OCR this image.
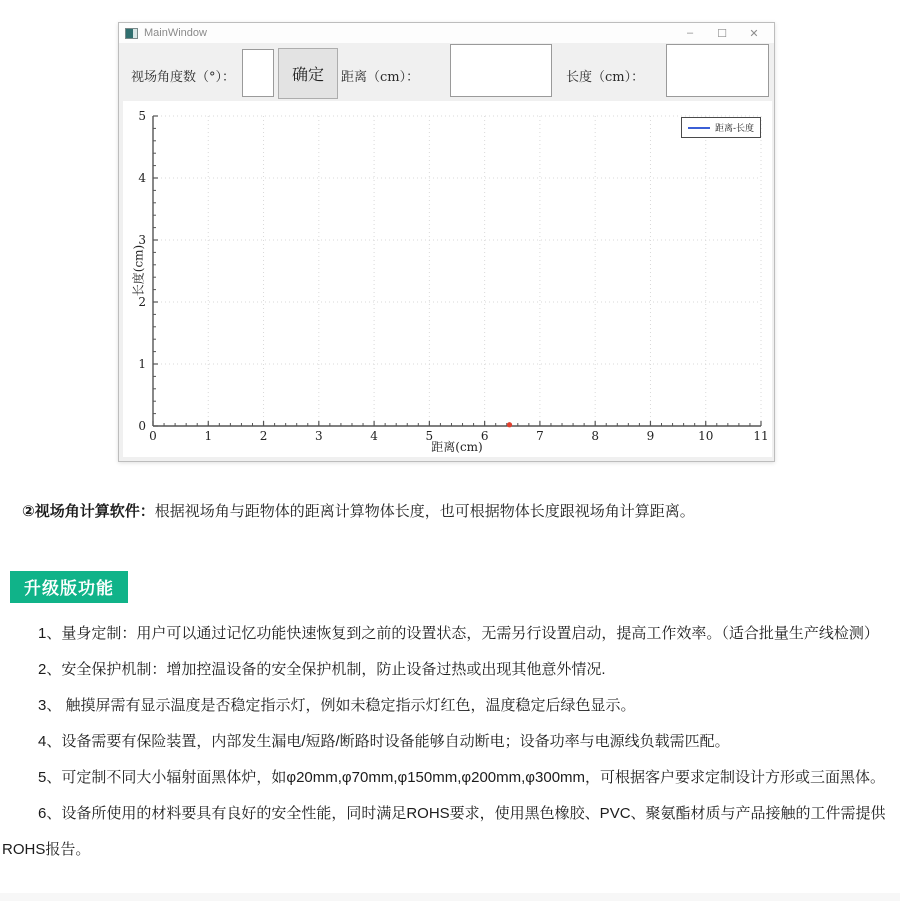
MainWindow	–	☐	✕
视场角度数（°）：	确定	距离（cm）：	长度（cm）：
0	1	2	3	4	5	6	7	8	9	10	11
0
1
2
3
4
5
长度(cm)
距离(cm)
距离-长度

②视场角计算软件：根据视场角与距物体的距离计算物体长度，也可根据物体长度跟视场角计算距离。

升级版功能

1、量身定制：用户可以通过记忆功能快速恢复到之前的设置状态，无需另行设置启动，提高工作效率。（适合批量生产线检测）

2、安全保护机制：增加控温设备的安全保护机制，防止设备过热或出现其他意外情况.

3、 触摸屏需有显示温度是否稳定指示灯，例如未稳定指示灯红色，温度稳定后绿色显示。

4、设备需要有保险装置，内部发生漏电/短路/断路时设备能够自动断电；设备功率与电源线负载需匹配。

5、可定制不同大小辐射面黑体炉，如φ20mm,φ70mm,φ150mm,φ200mm,φ300mm，可根据客户要求定制设计方形或三面黑体。

6、设备所使用的材料要具有良好的安全性能，同时满足ROHS要求，使用黑色橡胶、PVC、聚氨酯材质与产品接触的工件需提供ROHS报告。
